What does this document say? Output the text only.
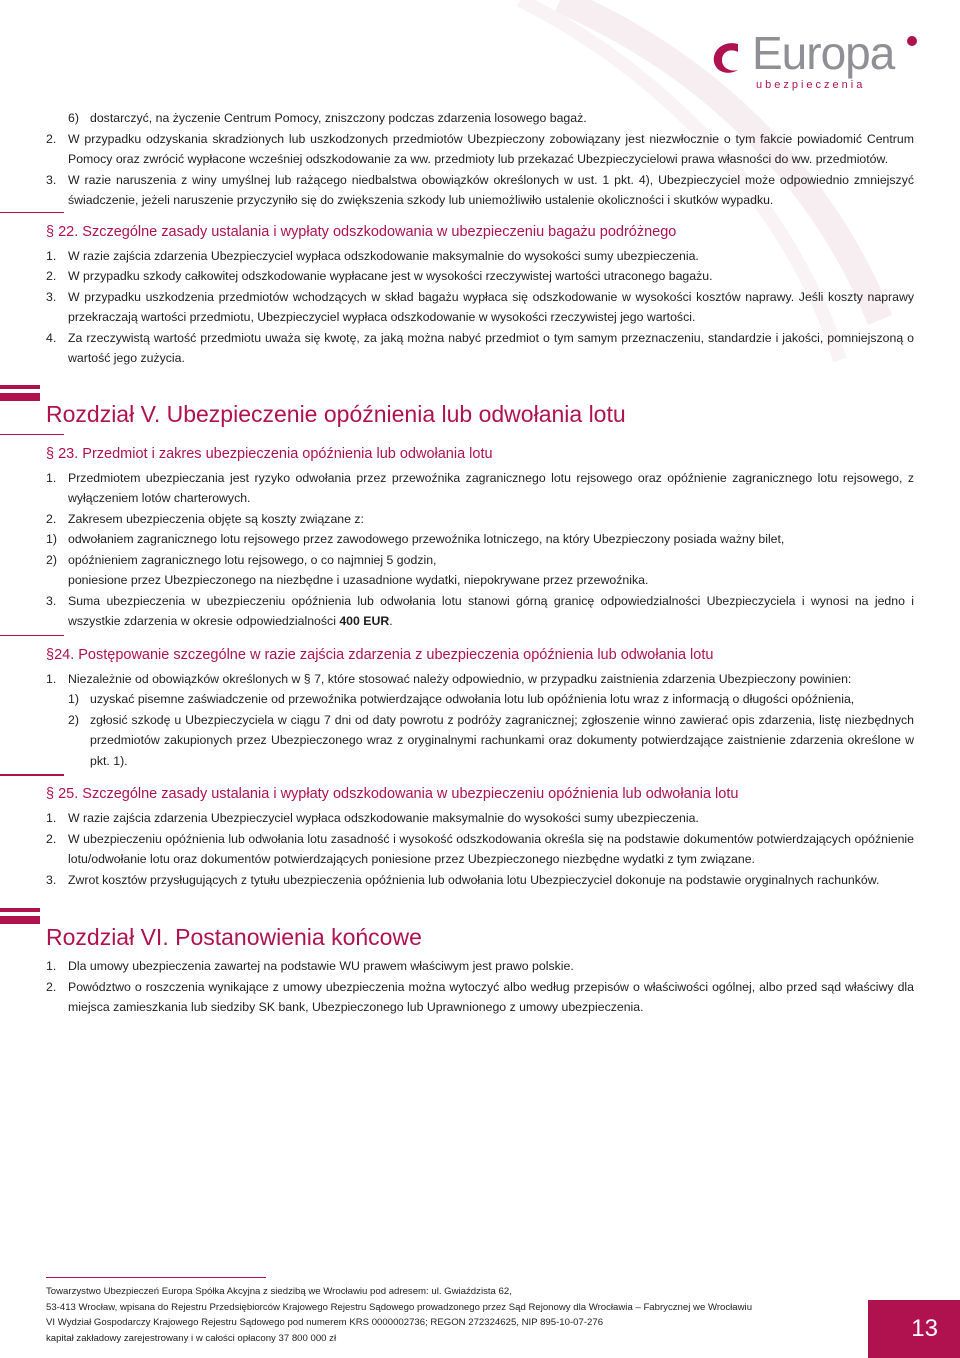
Europa
ubezpieczenia
6) dostarczyć, na życzenie Centrum Pomocy, zniszczony podczas zdarzenia losowego bagaż.
2. W przypadku odzyskania skradzionych lub uszkodzonych przedmiotów Ubezpieczony zobowiązany jest niezwłocznie o tym fakcie powiadomić Centrum Pomocy oraz zwrócić wypłacone wcześniej odszkodowanie za ww. przedmioty lub przekazać Ubezpieczycielowi prawa własności do ww. przedmiotów.
3. W razie naruszenia z winy umyślnej lub rażącego niedbalstwa obowiązków określonych w ust. 1 pkt. 4), Ubezpieczyciel może odpowiednio zmniejszyć świadczenie, jeżeli naruszenie przyczyniło się do zwiększenia szkody lub uniemożliwiło ustalenie okoliczności i skutków wypadku.
§ 22. Szczególne zasady ustalania i wypłaty odszkodowania w ubezpieczeniu bagażu podróżnego
1. W razie zajścia zdarzenia Ubezpieczyciel wypłaca odszkodowanie maksymalnie do wysokości sumy ubezpieczenia.
2. W przypadku szkody całkowitej odszkodowanie wypłacane jest w wysokości rzeczywistej wartości utraconego bagażu.
3. W przypadku uszkodzenia przedmiotów wchodzących w skład bagażu wypłaca się odszkodowanie w wysokości kosztów naprawy. Jeśli koszty naprawy przekraczają wartości przedmiotu, Ubezpieczyciel wypłaca odszkodowanie w wysokości rzeczywistej jego wartości.
4. Za rzeczywistą wartość przedmiotu uważa się kwotę, za jaką można nabyć przedmiot o tym samym przeznaczeniu, standardzie i jakości, pomniejszoną o wartość jego zużycia.
Rozdział V. Ubezpieczenie opóźnienia lub odwołania lotu
§ 23. Przedmiot i zakres ubezpieczenia opóźnienia lub odwołania lotu
1. Przedmiotem ubezpieczania jest ryzyko odwołania przez przewoźnika zagranicznego lotu rejsowego oraz opóźnienie zagranicznego lotu rejsowego, z wyłączeniem lotów charterowych.
2. Zakresem ubezpieczenia objęte są koszty związane z:
1) odwołaniem zagranicznego lotu rejsowego przez zawodowego przewoźnika lotniczego, na który Ubezpieczony posiada ważny bilet,
2) opóźnieniem zagranicznego lotu rejsowego, o co najmniej 5 godzin,
poniesione przez Ubezpieczonego na niezbędne i uzasadnione wydatki, niepokrywane przez przewoźnika.
3. Suma ubezpieczenia w ubezpieczeniu opóźnienia lub odwołania lotu stanowi górną granicę odpowiedzialności Ubezpieczyciela i wynosi na jedno i wszystkie zdarzenia w okresie odpowiedzialności 400 EUR.
§24. Postępowanie szczególne w razie zajścia zdarzenia z ubezpieczenia opóźnienia lub odwołania lotu
1. Niezależnie od obowiązków określonych w § 7, które stosować należy odpowiednio, w przypadku zaistnienia zdarzenia Ubezpieczony powinien:
1) uzyskać pisemne zaświadczenie od przewoźnika potwierdzające odwołania lotu lub opóźnienia lotu wraz z informacją o długości opóźnienia,
2) zgłosić szkodę u Ubezpieczyciela w ciągu 7 dni od daty powrotu z podróży zagranicznej; zgłoszenie winno zawierać opis zdarzenia, listę niezbędnych przedmiotów zakupionych przez Ubezpieczonego wraz z oryginalnymi rachunkami oraz dokumenty potwierdzające zaistnienie zdarzenia określone w pkt. 1).
§ 25. Szczególne zasady ustalania i wypłaty odszkodowania w ubezpieczeniu opóźnienia lub odwołania lotu
1. W razie zajścia zdarzenia Ubezpieczyciel wypłaca odszkodowanie maksymalnie do wysokości sumy ubezpieczenia.
2. W ubezpieczeniu opóźnienia lub odwołania lotu zasadność i wysokość odszkodowania określa się na podstawie dokumentów potwierdzających opóźnienie lotu/odwołanie lotu oraz dokumentów potwierdzających poniesione przez Ubezpieczonego niezbędne wydatki z tym związane.
3. Zwrot kosztów przysługujących z tytułu ubezpieczenia opóźnienia lub odwołania lotu Ubezpieczyciel dokonuje na podstawie oryginalnych rachunków.
Rozdział VI. Postanowienia końcowe
1. Dla umowy ubezpieczenia zawartej na podstawie WU prawem właściwym jest prawo polskie.
2. Powództwo o roszczenia wynikające z umowy ubezpieczenia można wytoczyć albo według przepisów o właściwości ogólnej, albo przed sąd właściwy dla miejsca zamieszkania lub siedziby SK bank, Ubezpieczonego lub Uprawnionego z umowy ubezpieczenia.
Towarzystwo Ubezpieczeń Europa Spółka Akcyjna z siedzibą we Wrocławiu pod adresem: ul. Gwiaździsta 62,
53-413 Wrocław, wpisana do Rejestru Przedsiębiorców Krajowego Rejestru Sądowego prowadzonego przez Sąd Rejonowy dla Wrocławia – Fabrycznej we Wrocławiu
VI Wydział Gospodarczy Krajowego Rejestru Sądowego pod numerem KRS 0000002736; REGON 272324625, NIP 895-10-07-276
kapitał zakładowy zarejestrowany i w całości opłacony 37 800 000 zł	13
